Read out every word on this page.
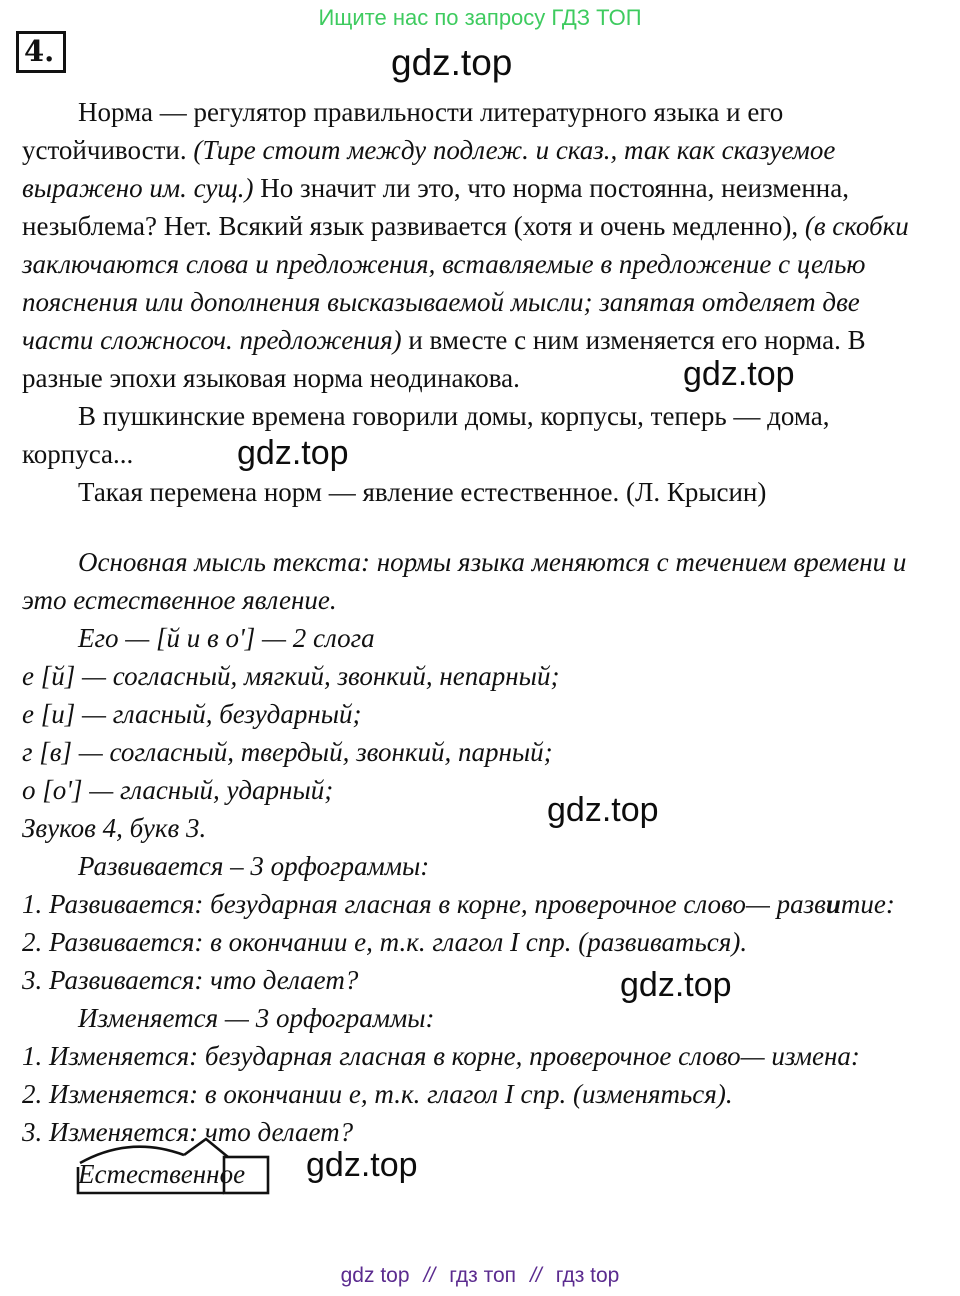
Ищите нас по запросу ГДЗ ТОП
4.	gdz.top
gdz.top
gdz.top
gdz.top
gdz.top
gdz.top
Норма — регулятор правильности литературного языка и его
устойчивости. (Тире стоит между подлеж. и сказ., так как сказуемое
выражено им. сущ.) Но значит ли это, что норма постоянна, неизменна,
незыблема? Нет. Всякий язык развивается (хотя и очень медленно), (в скобки
заключаются слова и предложения, вставляемые в предложение с целью
пояснения или дополнения высказываемой мысли; запятая отделяет две
части сложносоч. предложения) и вместе с ним изменяется его норма. В
разные эпохи языковая норма неодинакова.
В пушкинские времена говорили домы, корпусы, теперь — дома,
корпуса...
Такая перемена норм — явление естественное. (Л. Крысин)
Основная мысль текста: нормы языка меняются с течением времени и
это естественное явление.
Его — [й и в о'] — 2 слога
е [й] — согласный, мягкий, звонкий, непарный;
е [и] — гласный, безударный;
г [в] — согласный, твердый, звонкий, парный;
о [о'] — гласный, ударный;
Звуков 4, букв 3.
Развивается – 3 орфограммы:
1. Развивается: безударная гласная в корне, проверочное слово— развитие:
2. Развивается: в окончании е, т.к. глагол I спр. (развиваться).
3. Развивается: что делает?
Изменяется — 3 орфограммы:
1. Изменяется: безударная гласная в корне, проверочное слово— измена:
2. Изменяется: в окончании е, т.к. глагол I спр. (изменяться).
3. Изменяется: что делает?
Естественное
gdz top // гдз топ // гдз top
